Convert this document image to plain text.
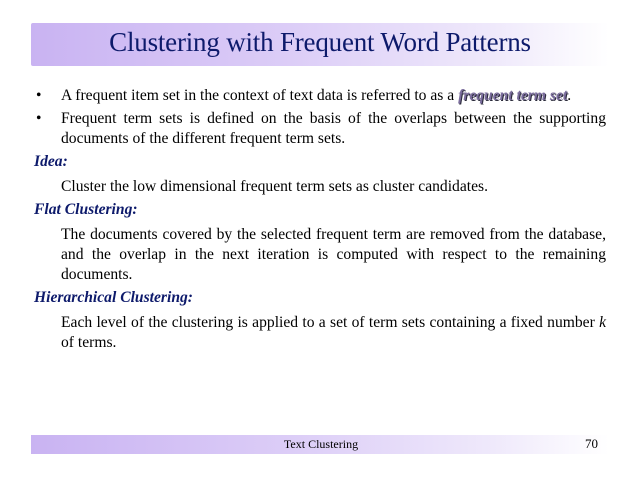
Clustering with Frequent Word Patterns
• A frequent item set in the context of text data is referred to as a frequent term set.
• Frequent term sets is defined on the basis of the overlaps between the supporting documents of the different frequent term sets.
Idea:
Cluster the low dimensional frequent term sets as cluster candidates.
Flat Clustering:
The documents covered by the selected frequent term are removed from the database, and the overlap in the next iteration is computed with respect to the remaining documents.
Hierarchical Clustering:
Each level of the clustering is applied to a set of term sets containing a fixed number k of terms.
Text Clustering	70
